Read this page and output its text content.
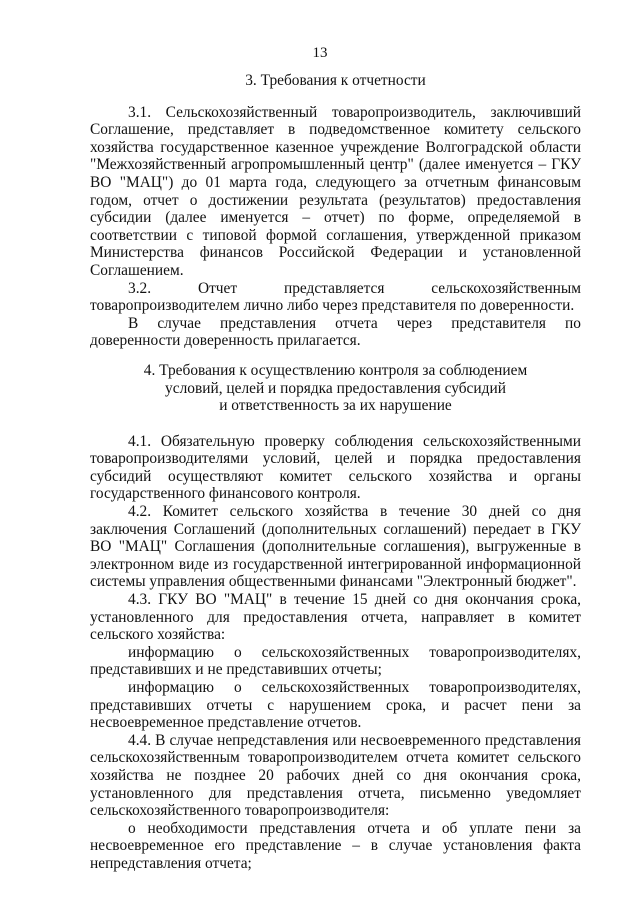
13

3. Требования к отчетности

3.1. Сельскохозяйственный товаропроизводитель, заключивший Соглашение, представляет в подведомственное комитету сельского хозяйства государственное казенное учреждение Волгоградской области "Межхозяйственный агропромышленный центр" (далее именуется – ГКУ ВО "МАЦ") до 01 марта года, следующего за отчетным финансовым годом, отчет о достижении результата (результатов) предоставления субсидии (далее именуется – отчет) по форме, определяемой в соответствии с типовой формой соглашения, утвержденной приказом Министерства финансов Российской Федерации и установленной Соглашением.

3.2. Отчет представляется сельскохозяйственным товаропроизводителем лично либо через представителя по доверенности.

В случае представления отчета через представителя по доверенности доверенность прилагается.

4. Требования к осуществлению контроля за соблюдением
условий, целей и порядка предоставления субсидий
и ответственность за их нарушение

4.1. Обязательную проверку соблюдения сельскохозяйственными товаропроизводителями условий, целей и порядка предоставления субсидий осуществляют комитет сельского хозяйства и органы государственного финансового контроля.

4.2. Комитет сельского хозяйства в течение 30 дней со дня заключения Соглашений (дополнительных соглашений) передает в ГКУ ВО "МАЦ" Соглашения (дополнительные соглашения), выгруженные в электронном виде из государственной интегрированной информационной системы управления общественными финансами "Электронный бюджет".

4.3. ГКУ ВО "МАЦ" в течение 15 дней со дня окончания срока, установленного для предоставления отчета, направляет в комитет сельского хозяйства:

информацию о сельскохозяйственных товаропроизводителях, представивших и не представивших отчеты;

информацию о сельскохозяйственных товаропроизводителях, представивших отчеты с нарушением срока, и расчет пени за несвоевременное представление отчетов.

4.4. В случае непредставления или несвоевременного представления сельскохозяйственным товаропроизводителем отчета комитет сельского хозяйства не позднее 20 рабочих дней со дня окончания срока, установленного для представления отчета, письменно уведомляет сельскохозяйственного товаропроизводителя:

о необходимости представления отчета и об уплате пени за несвоевременное его представление – в случае установления факта непредставления отчета;
